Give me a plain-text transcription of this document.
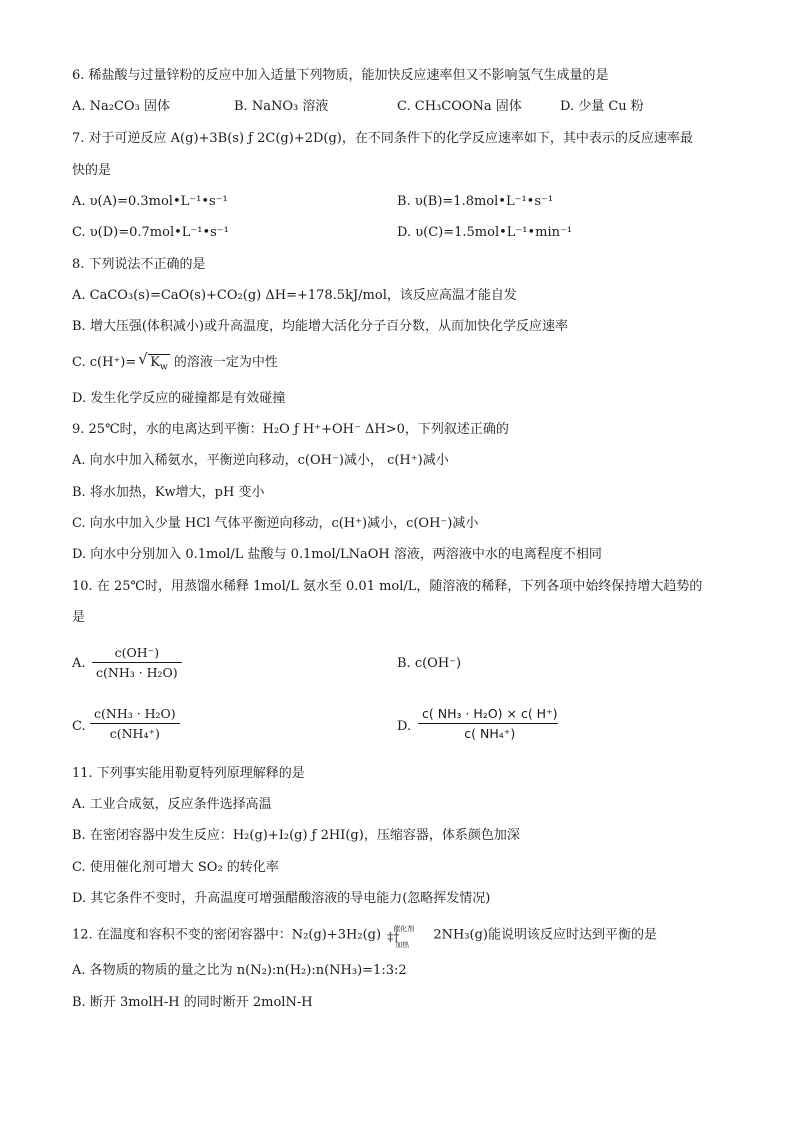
6. 稀盐酸与过量锌粉的反应中加入适量下列物质，能加快反应速率但又不影响氢气生成量的是
A. Na₂CO₃ 固体	B. NaNO₃ 溶液	C. CH₃COONa 固体	D. 少量 Cu 粉
7. 对于可逆反应 A(g)+3B(s) ƒ 2C(g)+2D(g)，在不同条件下的化学反应速率如下，其中表示的反应速率最
快的是
A. υ(A)=0.3mol•L⁻¹•s⁻¹	B. υ(B)=1.8mol•L⁻¹•s⁻¹
C. υ(D)=0.7mol•L⁻¹•s⁻¹	D. υ(C)=1.5mol•L⁻¹•min⁻¹
8. 下列说法不正确的是
A. CaCO₃(s)=CaO(s)+CO₂(g) ΔH=+178.5kJ/mol，该反应高温才能自发
B. 增大压强(体积减小)或升高温度，均能增大活化分子百分数，从而加快化学反应速率
C. c(H⁺)= √ $K_w$ 的溶液一定为中性
D. 发生化学反应的碰撞都是有效碰撞
9. 25℃时，水的电离达到平衡：H₂O ƒ H⁺+OH⁻ ΔH>0，下列叙述正确的
A. 向水中加入稀氨水，平衡逆向移动，c(OH⁻)减小， c(H⁺)减小
B. 将水加热，Kw增大，pH 变小
C. 向水中加入少量 HCl 气体平衡逆向移动，c(H⁺)减小，c(OH⁻)减小
D. 向水中分别加入 0.1mol/L 盐酸与 0.1mol/LNaOH 溶液，两溶液中水的电离程度不相同
10. 在 25℃时，用蒸馏水稀释 1mol/L 氨水至 0.01 mol/L，随溶液的稀释，下列各项中始终保持增大趋势的
是
A.
c(OH⁻)
c(NH₃ · H₂O)
B. c(OH⁻)
C.
c(NH₃ · H₂O)
c(NH₄⁺)	D.
c( NH₃ · H₂O) × c( H⁺)
c( NH₄⁺)
11. 下列事实能用勒夏特列原理解释的是
A. 工业合成氨，反应条件选择高温
B. 在密闭容器中发生反应：H₂(g)+I₂(g) ƒ 2HI(g)，压缩容器，体系颜色加深
C. 使用催化剂可增大 SO₂ 的转化率
D. 其它条件不变时，升高温度可增强醋酸溶液的导电能力(忽略挥发情况)
12. 在温度和容积不变的密闭容器中：N₂(g)+3H₂(g) 催化剂
‡†
加热
2NH₃(g)能说明该反应时达到平衡的是
A. 各物质的物质的量之比为 n(N₂):n(H₂):n(NH₃)=1:3:2
B. 断开 3molH-H 的同时断开 2molN-H
